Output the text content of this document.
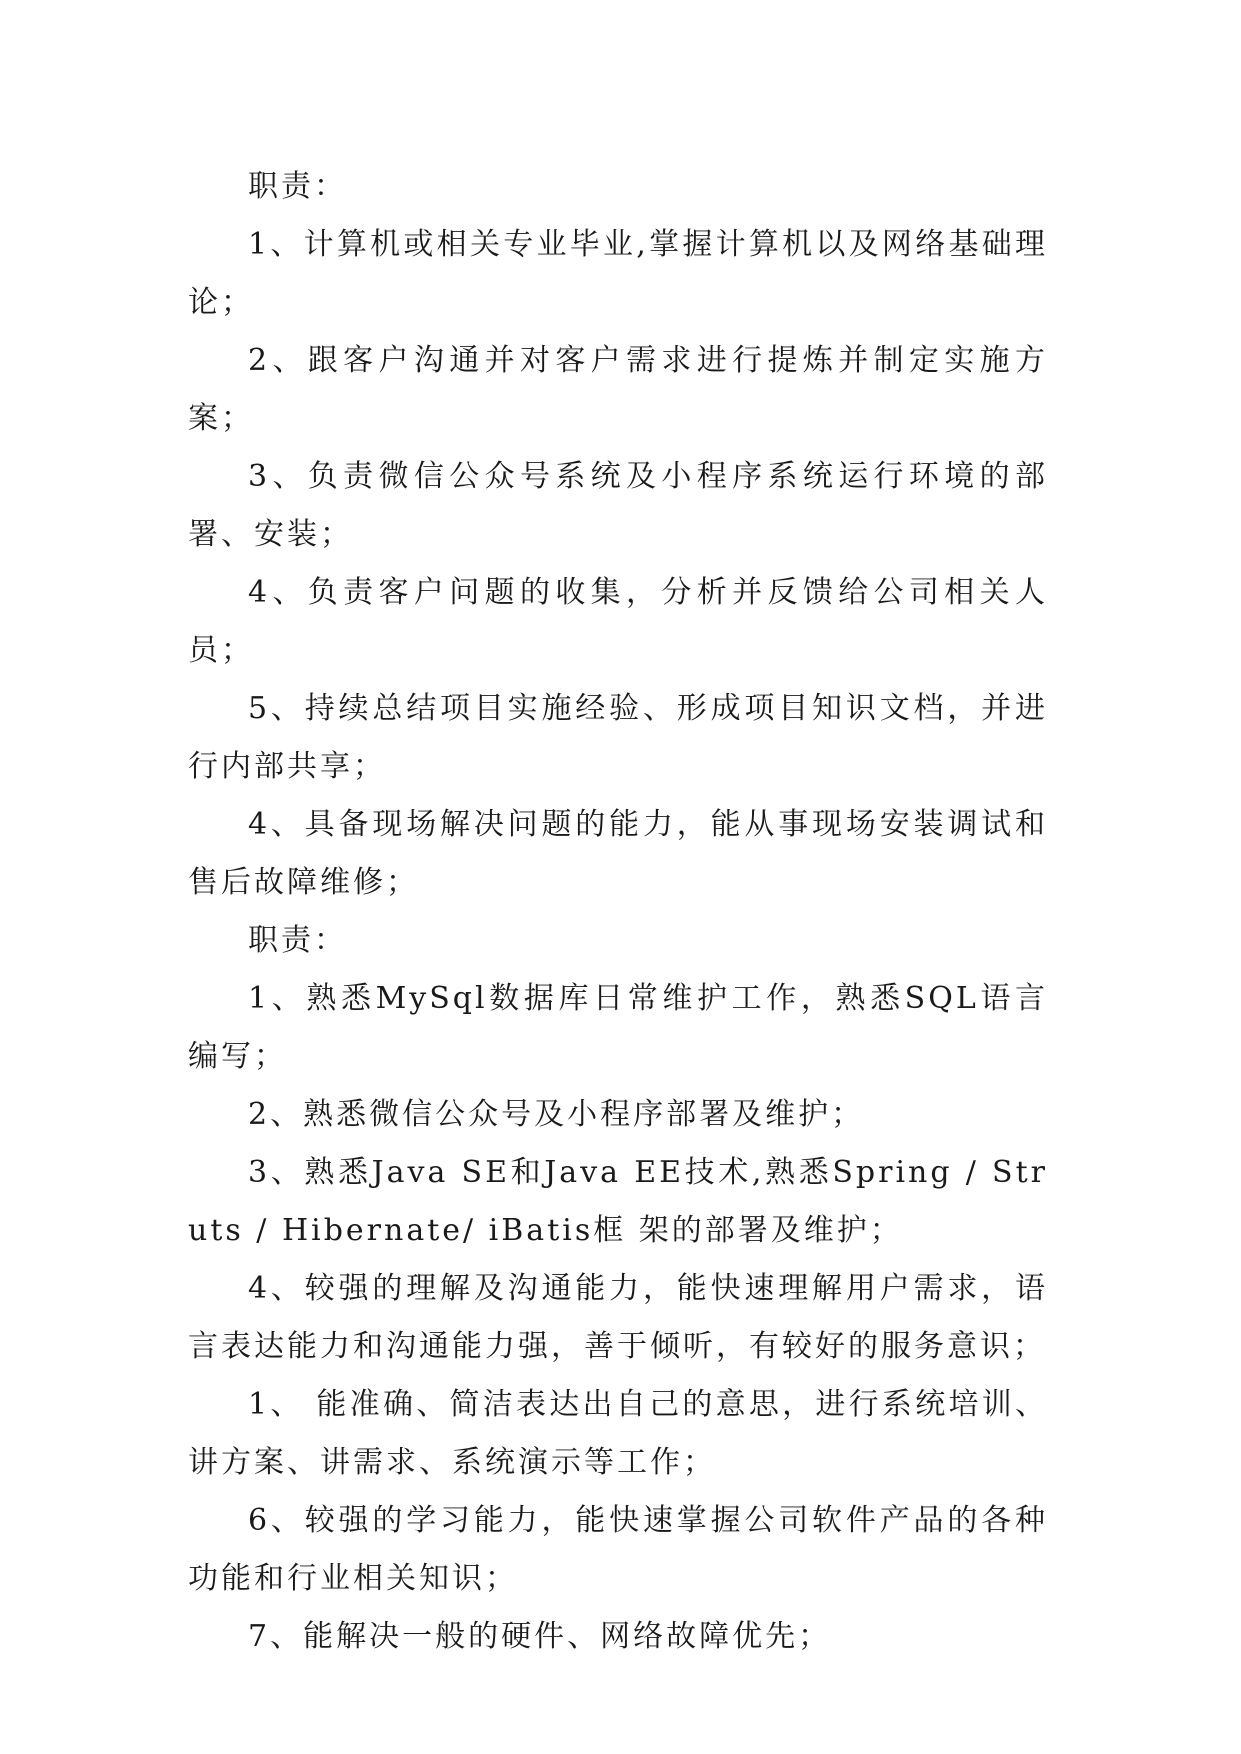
职责：

1、计算机或相关专业毕业,掌握计算机以及网络基础理论；

2、跟客户沟通并对客户需求进行提炼并制定实施方案；

3、负责微信公众号系统及小程序系统运行环境的部署、安装；

4、负责客户问题的收集，分析并反馈给公司相关人员；

5、持续总结项目实施经验、形成项目知识文档，并进行内部共享；

4、具备现场解决问题的能力，能从事现场安装调试和售后故障维修；

职责：

1、熟悉MySql数据库日常维护工作，熟悉SQL语言编写；

2、熟悉微信公众号及小程序部署及维护；

3、熟悉Java SE和Java EE技术,熟悉Spring / Struts / Hibernate/ iBatis框 架的部署及维护；

4、较强的理解及沟通能力，能快速理解用户需求，语言表达能力和沟通能力强，善于倾听，有较好的服务意识；

1、 能准确、简洁表达出自己的意思，进行系统培训、讲方案、讲需求、系统演示等工作；

6、较强的学习能力，能快速掌握公司软件产品的各种功能和行业相关知识；

7、能解决一般的硬件、网络故障优先；
